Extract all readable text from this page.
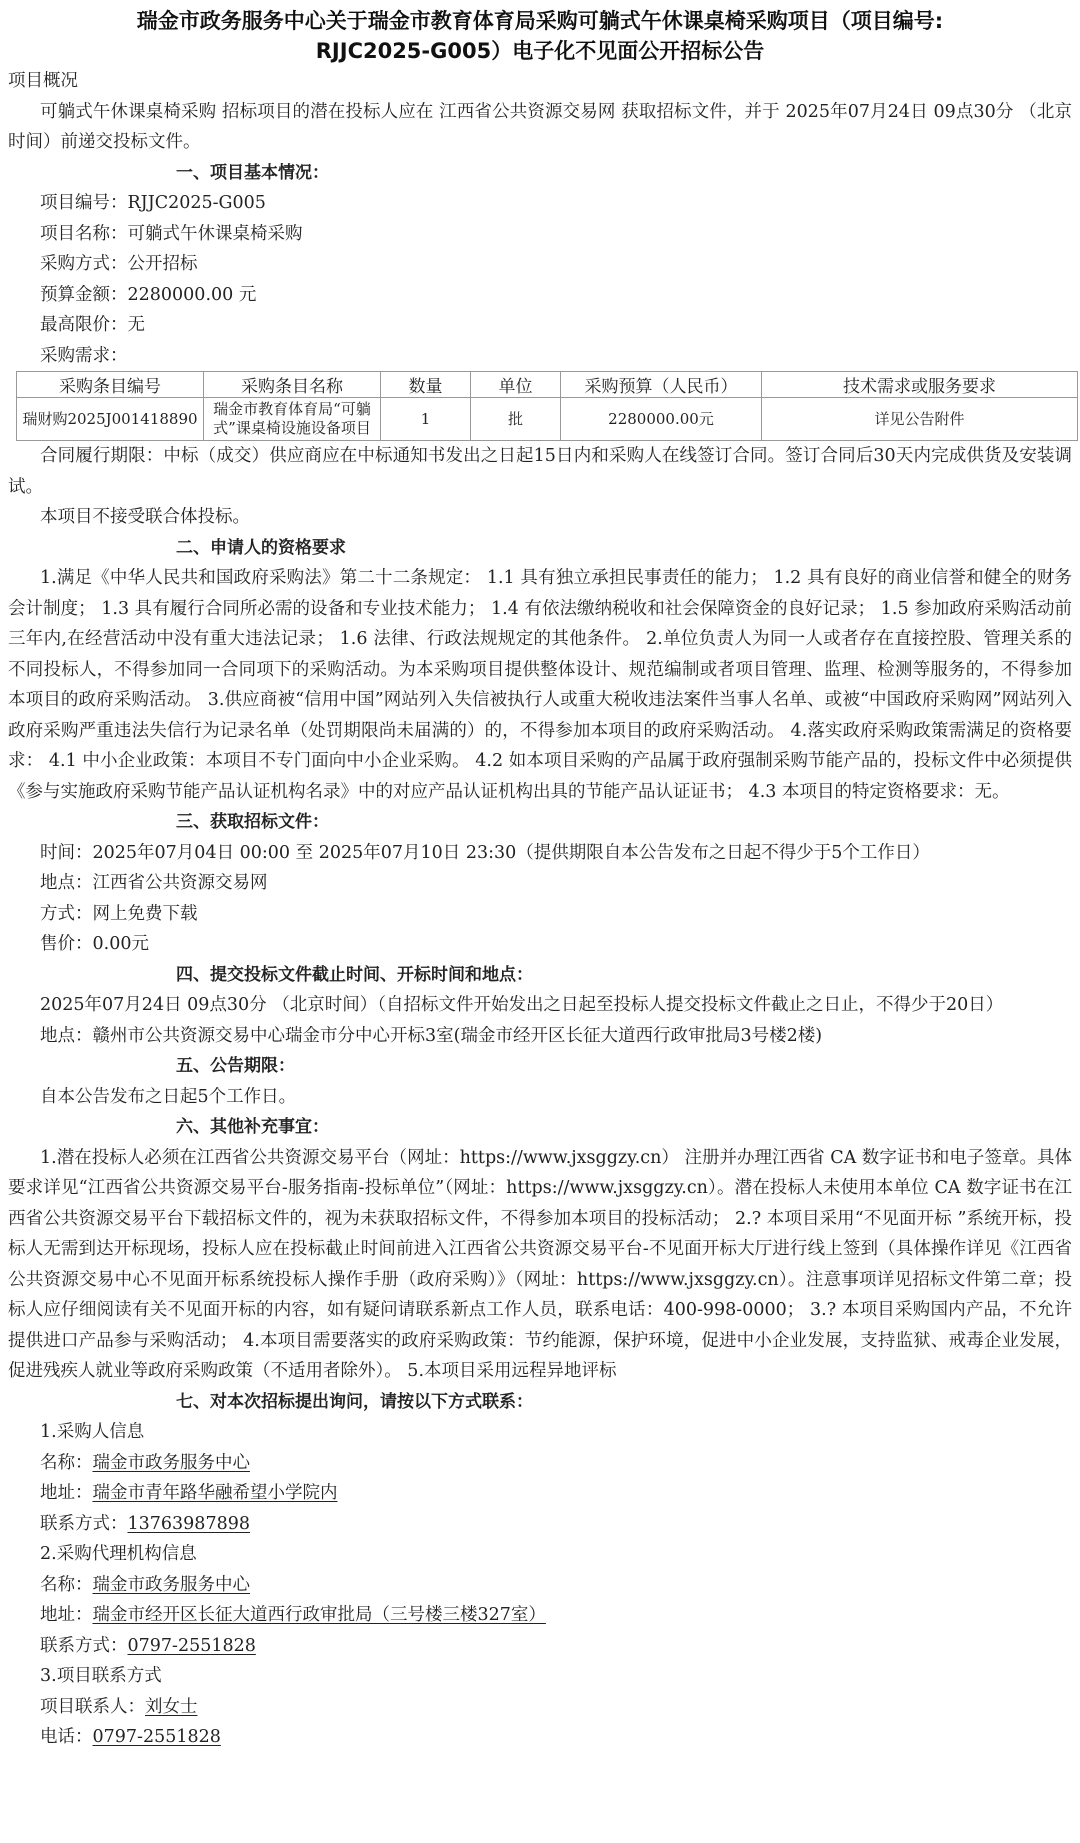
瑞金市政务服务中心关于瑞金市教育体育局采购可躺式午休课桌椅采购项目（项目编号:
RJJC2025-G005）电子化不见面公开招标公告

项目概况

可躺式午休课桌椅采购 招标项目的潜在投标人应在 江西省公共资源交易网 获取招标文件，并于 2025年07月24日 09点30分 （北京时间）前递交投标文件。

一、项目基本情况：

项目编号：RJJC2025-G005

项目名称：可躺式午休课桌椅采购

采购方式：公开招标

预算金额：2280000.00 元

最高限价：无

采购需求：

采购条目编号	采购条目名称	数量	单位	采购预算（人民币）	技术需求或服务要求
瑞财购2025J001418890	瑞金市教育体育局“可躺式”课桌椅设施设备项目	1	批	2280000.00元	详见公告附件

合同履行期限：中标（成交）供应商应在中标通知书发出之日起15日内和采购人在线签订合同。签订合同后30天内完成供货及安装调试。

本项目不接受联合体投标。

二、申请人的资格要求

1.满足《中华人民共和国政府采购法》第二十二条规定： 1.1 具有独立承担民事责任的能力； 1.2 具有良好的商业信誉和健全的财务会计制度； 1.3 具有履行合同所必需的设备和专业技术能力； 1.4 有依法缴纳税收和社会保障资金的良好记录； 1.5 参加政府采购活动前三年内,在经营活动中没有重大违法记录； 1.6 法律、行政法规规定的其他条件。 2.单位负责人为同一人或者存在直接控股、管理关系的不同投标人，不得参加同一合同项下的采购活动。为本采购项目提供整体设计、规范编制或者项目管理、监理、检测等服务的，不得参加本项目的政府采购活动。 3.供应商被“信用中国”网站列入失信被执行人或重大税收违法案件当事人名单、或被“中国政府采购网”网站列入政府采购严重违法失信行为记录名单（处罚期限尚未届满的）的，不得参加本项目的政府采购活动。 4.落实政府采购政策需满足的资格要求： 4.1 中小企业政策：本项目不专门面向中小企业采购。 4.2 如本项目采购的产品属于政府强制采购节能产品的，投标文件中必须提供《参与实施政府采购节能产品认证机构名录》中的对应产品认证机构出具的节能产品认证证书； 4.3 本项目的特定资格要求：无。

三、获取招标文件：

时间：2025年07月04日 00:00 至 2025年07月10日 23:30（提供期限自本公告发布之日起不得少于5个工作日）

地点：江西省公共资源交易网

方式：网上免费下载

售价：0.00元

四、提交投标文件截止时间、开标时间和地点：

2025年07月24日 09点30分 （北京时间）（自招标文件开始发出之日起至投标人提交投标文件截止之日止，不得少于20日）

地点：赣州市公共资源交易中心瑞金市分中心开标3室(瑞金市经开区长征大道西行政审批局3号楼2楼)

五、公告期限：

自本公告发布之日起5个工作日。

六、其他补充事宜：

1.潜在投标人必须在江西省公共资源交易平台（网址：https://www.jxsggzy.cn） 注册并办理江西省 CA 数字证书和电子签章。具体要求详见“江西省公共资源交易平台-服务指南-投标单位”（网址：https://www.jxsggzy.cn）。潜在投标人未使用本单位 CA 数字证书在江西省公共资源交易平台下载招标文件的，视为未获取招标文件，不得参加本项目的投标活动； 2.? 本项目采用“不见面开标 ”系统开标，投标人无需到达开标现场，投标人应在投标截止时间前进入江西省公共资源交易平台-不见面开标大厅进行线上签到（具体操作详见《江西省公共资源交易中心不见面开标系统投标人操作手册（政府采购）》（网址：https://www.jxsggzy.cn）。注意事项详见招标文件第二章；投标人应仔细阅读有关不见面开标的内容，如有疑问请联系新点工作人员，联系电话：400-998-0000； 3.? 本项目采购国内产品，不允许提供进口产品参与采购活动； 4.本项目需要落实的政府采购政策：节约能源，保护环境，促进中小企业发展，支持监狱、戒毒企业发展，促进残疾人就业等政府采购政策（不适用者除外）。 5.本项目采用远程异地评标

七、对本次招标提出询问，请按以下方式联系：

1.采购人信息

名称：瑞金市政务服务中心

地址：瑞金市青年路华融希望小学院内

联系方式：13763987898

2.采购代理机构信息

名称：瑞金市政务服务中心

地址：瑞金市经开区长征大道西行政审批局（三号楼三楼327室）

联系方式：0797-2551828

3.项目联系方式

项目联系人：刘女士

电话：0797-2551828
